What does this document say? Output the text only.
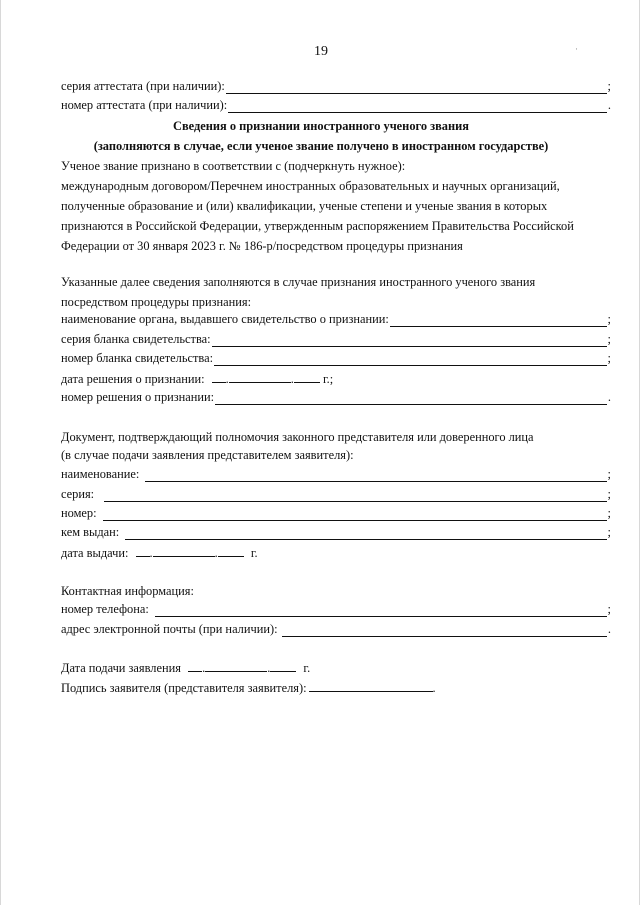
19	·
серия аттестата (при наличии):	;
номер аттестата (при наличии):	.
Сведения о признании иностранного ученого звания
(заполняются в случае, если ученое звание получено в иностранном государстве)
Ученое звание признано в соответствии с (подчеркнуть нужное):
международным договором/Перечнем иностранных образовательных и научных организаций,
полученные образование и (или) квалификации, ученые степени и ученые звания в которых
признаются в Российской Федерации, утвержденным распоряжением Правительства Российской
Федерации от 30 января 2023 г. № 186-р/посредством процедуры признания
Указанные далее сведения заполняются в случае признания иностранного ученого звания
посредством процедуры признания:
наименование органа, выдавшего свидетельство о признании:	;
серия бланка свидетельства:	;
номер бланка свидетельства:	;
дата решения о признании: .	. г.;
номер решения о признании:	.
Документ, подтверждающий полномочия законного представителя или доверенного лица
(в случае подачи заявления представителем заявителя):
наименование:	;
серия:	;
номер:	;
кем выдан:	;
дата выдачи: .	.	г.
Контактная информация:
номер телефона:	;
адрес электронной почты (при наличии):	.
Дата подачи заявления .	.	г.
Подпись заявителя (представителя заявителя):	.
